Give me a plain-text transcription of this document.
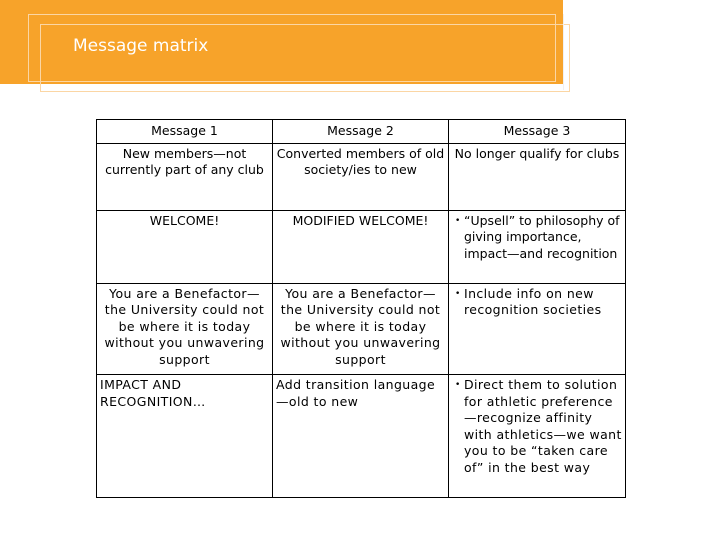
Message matrix
Message 1	Message 2	Message 3
New members—not currently part of any club	Converted members of old society/ies to new	No longer qualify for clubs
WELCOME!	MODIFIED WELCOME!	• “Upsell” to philosophy of giving importance, impact—and recognition

You are a Benefactor—the University could not be where it is today without you unwavering support	You are a Benefactor—the University could not be where it is today without you unwavering support	• Include info on new recognition societies

IMPACT AND RECOGNITION…	Add transition language—old to new	• Direct them to solution for athletic preference—recognize affinity with athletics—we want you to be “taken care of” in the best way
